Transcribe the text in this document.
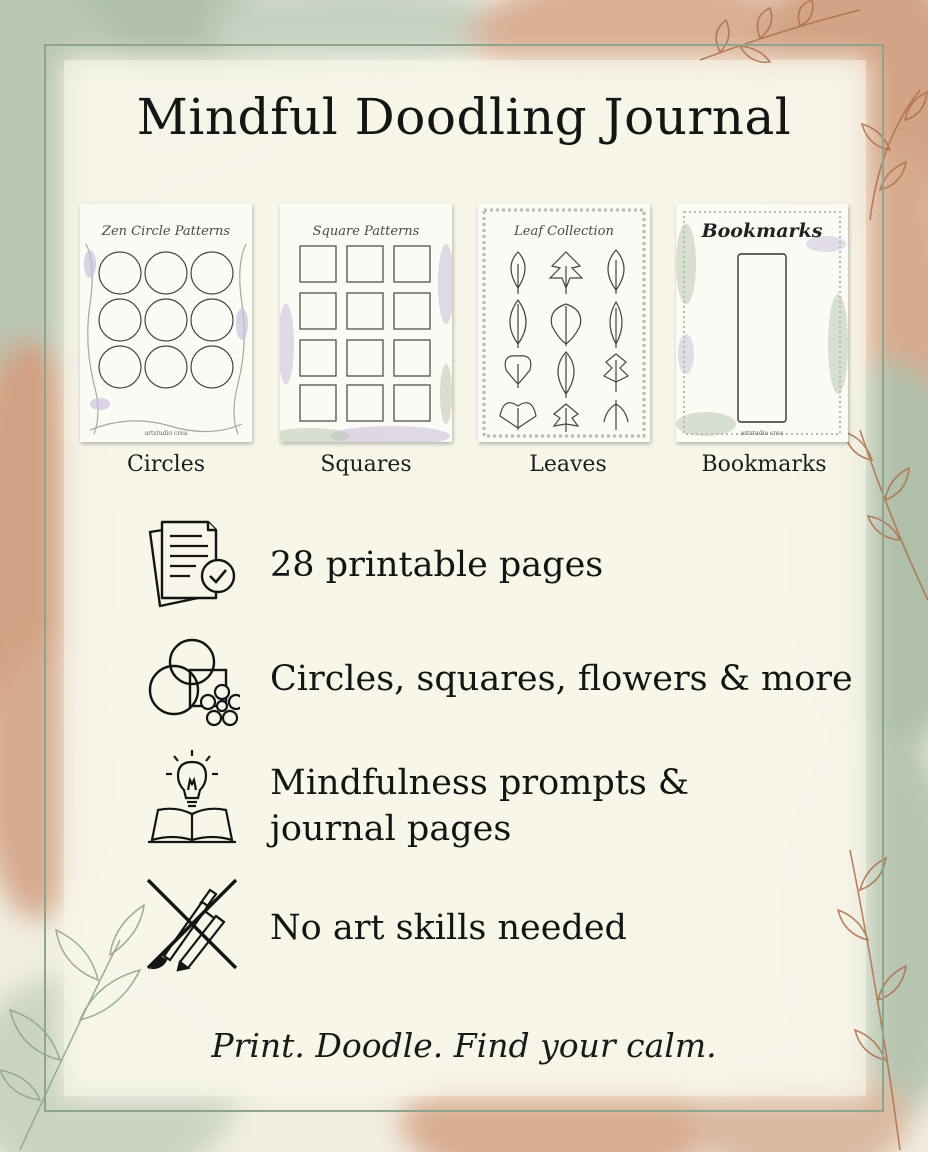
Mindful Doodling Journal
Zen Circle Patterns
artstudio crea
Square Patterns	Leaf Collection	Bookmarks
artstudio crea
Circles	Squares	Leaves	Bookmarks
28 printable pages
Circles, squares, flowers & more
Mindfulness prompts &
journal pages
No art skills needed
Print. Doodle. Find your calm.
